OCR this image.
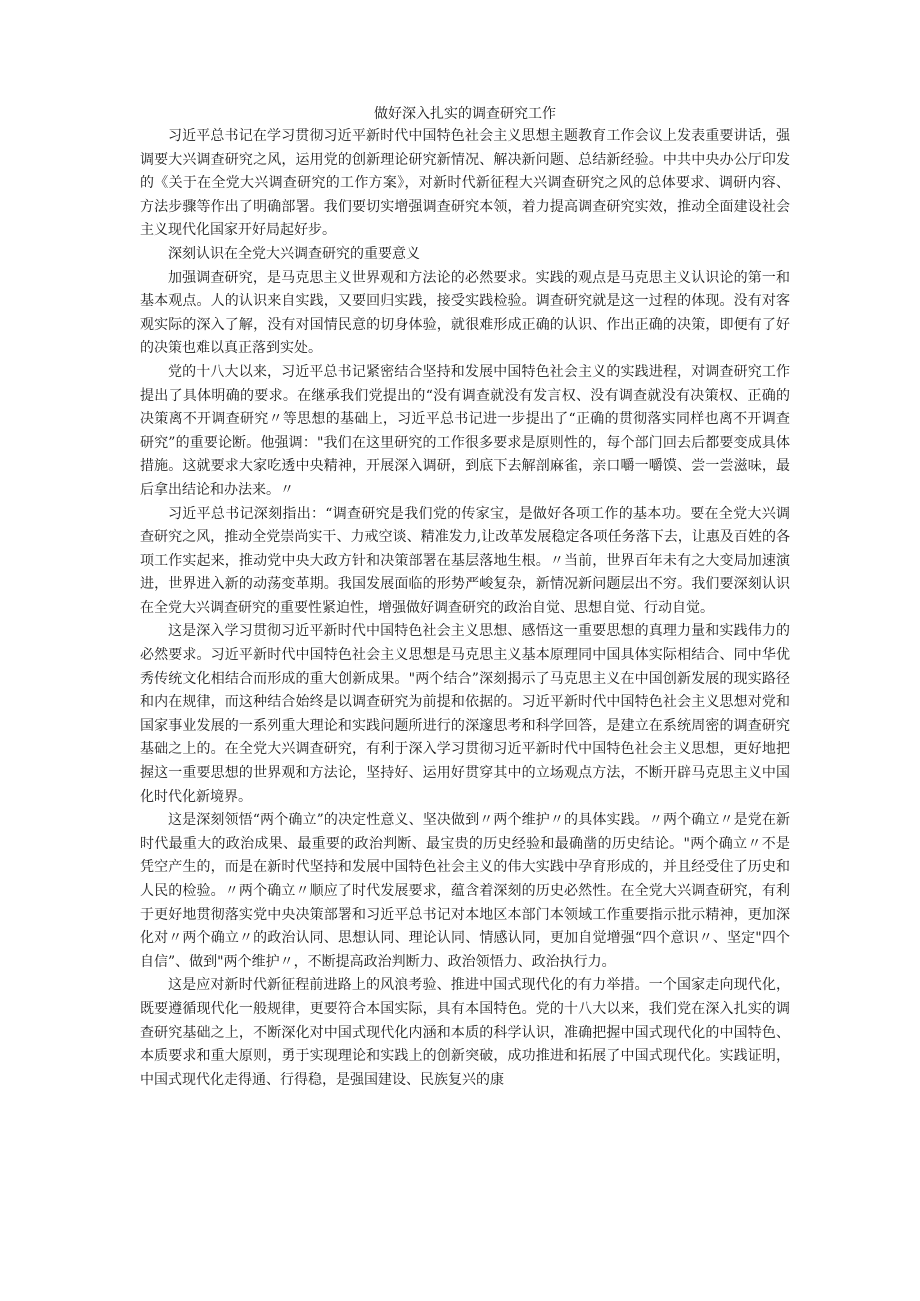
做好深入扎实的调查研究工作

习近平总书记在学习贯彻习近平新时代中国特色社会主义思想主题教育工作会议上发表重要讲话，强调要大兴调查研究之风，运用党的创新理论研究新情况、解决新问题、总结新经验。中共中央办公厅印发的《关于在全党大兴调查研究的工作方案》，对新时代新征程大兴调查研究之风的总体要求、调研内容、方法步骤等作出了明确部署。我们要切实增强调查研究本领，着力提高调查研究实效，推动全面建设社会主义现代化国家开好局起好步。

深刻认识在全党大兴调查研究的重要意义

加强调查研究，是马克思主义世界观和方法论的必然要求。实践的观点是马克思主义认识论的第一和基本观点。人的认识来自实践，又要回归实践，接受实践检验。调查研究就是这一过程的体现。没有对客观实际的深入了解，没有对国情民意的切身体验，就很难形成正确的认识、作出正确的决策，即便有了好的决策也难以真正落到实处。

党的十八大以来，习近平总书记紧密结合坚持和发展中国特色社会主义的实践进程，对调查研究工作提出了具体明确的要求。在继承我们党提出的“没有调查就没有发言权、没有调查就没有决策权、正确的决策离不开调查研究〃等思想的基础上，习近平总书记进一步提出了“正确的贯彻落实同样也离不开调查研究”的重要论断。他强调："我们在这里研究的工作很多要求是原则性的，每个部门回去后都要变成具体措施。这就要求大家吃透中央精神，开展深入调研，到底下去解剖麻雀，亲口嚼一嚼馍、尝一尝滋味，最后拿出结论和办法来。〃

习近平总书记深刻指出：“调查研究是我们党的传家宝，是做好各项工作的基本功。要在全党大兴调查研究之风，推动全党崇尚实干、力戒空谈、精准发力,让改革发展稳定各项任务落下去，让惠及百姓的各项工作实起来，推动党中央大政方针和决策部署在基层落地生根。〃当前，世界百年未有之大变局加速演进，世界进入新的动荡变革期。我国发展面临的形势严峻复杂，新情况新问题层出不穷。我们要深刻认识在全党大兴调查研究的重要性紧迫性，增强做好调查研究的政治自觉、思想自觉、行动自觉。

这是深入学习贯彻习近平新时代中国特色社会主义思想、感悟这一重要思想的真理力量和实践伟力的必然要求。习近平新时代中国特色社会主义思想是马克思主义基本原理同中国具体实际相结合、同中华优秀传统文化相结合而形成的重大创新成果。"两个结合”深刻揭示了马克思主义在中国创新发展的现实路径和内在规律，而这种结合始终是以调查研究为前提和依据的。习近平新时代中国特色社会主义思想对党和国家事业发展的一系列重大理论和实践问题所进行的深邃思考和科学回答，是建立在系统周密的调查研究基础之上的。在全党大兴调查研究，有利于深入学习贯彻习近平新时代中国特色社会主义思想，更好地把握这一重要思想的世界观和方法论，坚持好、运用好贯穿其中的立场观点方法，不断开辟马克思主义中国化时代化新境界。

这是深刻领悟“两个确立”的决定性意义、坚决做到〃两个维护〃的具体实践。〃两个确立〃是党在新时代最重大的政治成果、最重要的政治判断、最宝贵的历史经验和最确凿的历史结论。"两个确立〃不是凭空产生的，而是在新时代坚持和发展中国特色社会主义的伟大实践中孕育形成的，并且经受住了历史和人民的检验。〃两个确立〃顺应了时代发展要求，蕴含着深刻的历史必然性。在全党大兴调查研究，有利于更好地贯彻落实党中央决策部署和习近平总书记对本地区本部门本领域工作重要指示批示精神，更加深化对〃两个确立〃的政治认同、思想认同、理论认同、情感认同，更加自觉增强“四个意识〃、坚定"四个自信”、做到"两个维护〃，不断提高政治判断力、政治领悟力、政治执行力。

这是应对新时代新征程前进路上的风浪考验、推进中国式现代化的有力举措。一个国家走向现代化，既要遵循现代化一般规律，更要符合本国实际，具有本国特色。党的十八大以来，我们党在深入扎实的调查研究基础之上，不断深化对中国式现代化内涵和本质的科学认识，准确把握中国式现代化的中国特色、本质要求和重大原则，勇于实现理论和实践上的创新突破，成功推进和拓展了中国式现代化。实践证明，中国式现代化走得通、行得稳，是强国建设、民族复兴的康
